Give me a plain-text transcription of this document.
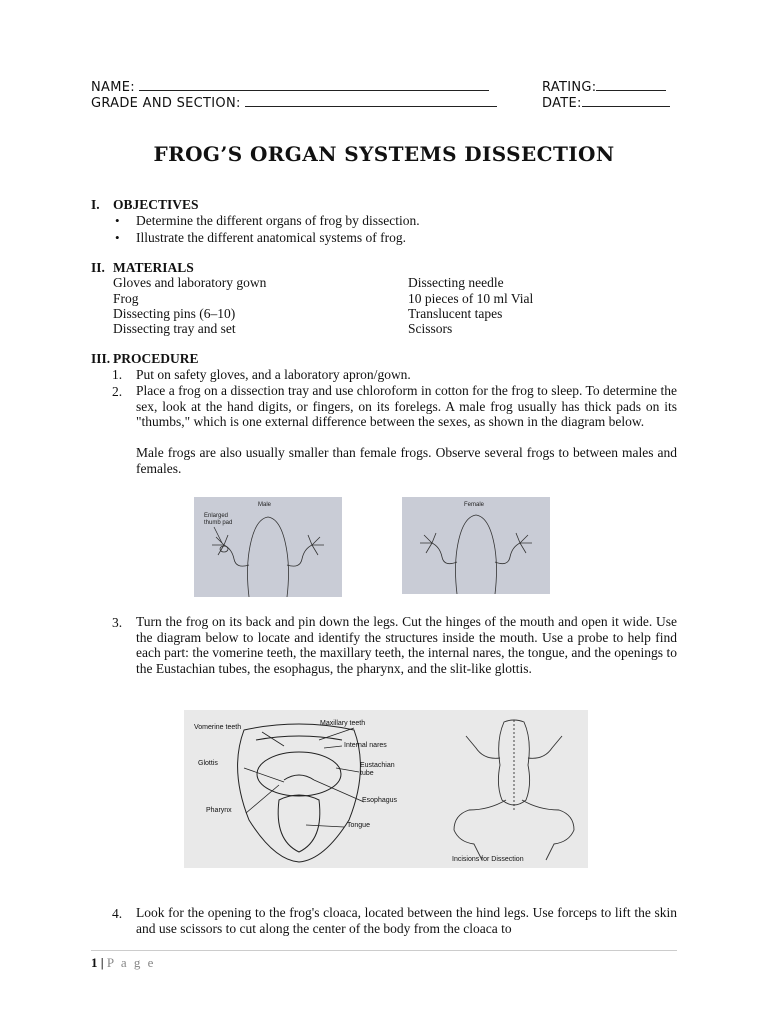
NAME:
GRADE AND SECTION:
RATING:
DATE:
FROG’S ORGAN SYSTEMS DISSECTION
I. OBJECTIVES
• Determine the different organs of frog by dissection.
• Illustrate the different anatomical systems of frog.
II. MATERIALS
Gloves and laboratory gown
Frog
Dissecting pins (6–10)
Dissecting tray and set
Dissecting needle
10 pieces of 10 ml Vial
Translucent tapes
Scissors
III. PROCEDURE
1. Put on safety gloves, and a laboratory apron/gown.
2. Place a frog on a dissection tray and use chloroform in cotton for the frog to sleep. To determine the sex, look at the hand digits, or fingers, on its forelegs. A male frog usually has thick pads on its "thumbs," which is one external difference between the sexes, as shown in the diagram below.
Male frogs are also usually smaller than female frogs. Observe several frogs to between males and females.
Male
Enlarged thumb pad
Female
3. Turn the frog on its back and pin down the legs. Cut the hinges of the mouth and open it wide. Use the diagram below to locate and identify the structures inside the mouth. Use a probe to help find each part: the vomerine teeth, the maxillary teeth, the internal nares, the tongue, and the openings to the Eustachian tubes, the esophagus, the pharynx, and the slit-like glottis.
Vomerine teeth
Maxillary teeth
Internal nares
Glottis	Eustachian tube
Pharynx
Esophagus
Tongue
Incisions for Dissection
4. Look for the opening to the frog's cloaca, located between the hind legs. Use forceps to lift the skin and use scissors to cut along the center of the body from the cloaca to
1 | P a g e
